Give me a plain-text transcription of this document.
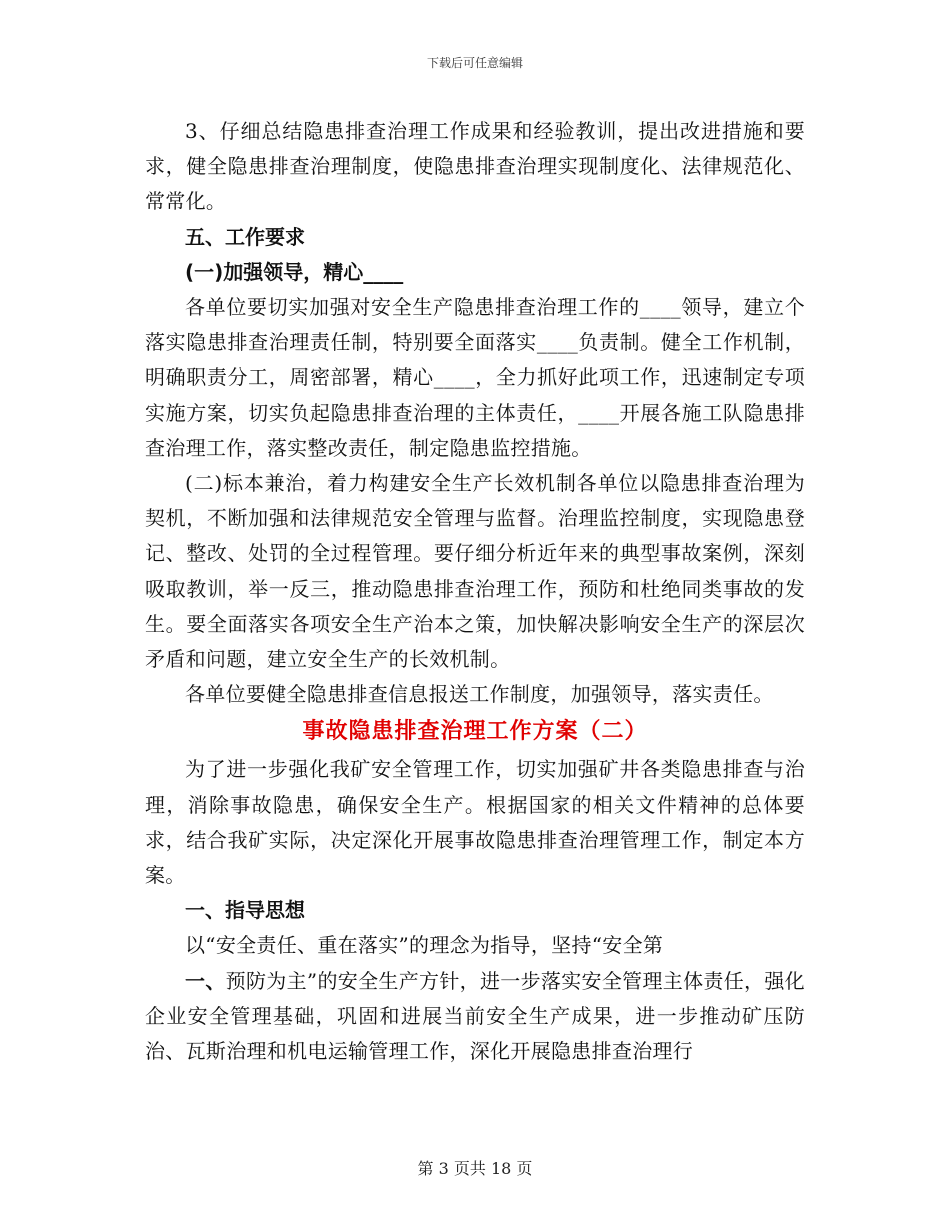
下载后可任意编辑

3、仔细总结隐患排查治理工作成果和经验教训，提出改进措施和要求，健全隐患排查治理制度，使隐患排查治理实现制度化、法律规范化、常常化。

五、工作要求

(一)加强领导，精心____

各单位要切实加强对安全生产隐患排查治理工作的____领导，建立个落实隐患排查治理责任制，特别要全面落实____负责制。健全工作机制，明确职责分工，周密部署，精心____，全力抓好此项工作，迅速制定专项实施方案，切实负起隐患排查治理的主体责任，____开展各施工队隐患排查治理工作，落实整改责任，制定隐患监控措施。

(二)标本兼治，着力构建安全生产长效机制各单位以隐患排查治理为契机，不断加强和法律规范安全管理与监督。治理监控制度，实现隐患登记、整改、处罚的全过程管理。要仔细分析近年来的典型事故案例，深刻吸取教训，举一反三，推动隐患排查治理工作，预防和杜绝同类事故的发生。要全面落实各项安全生产治本之策，加快解决影响安全生产的深层次矛盾和问题，建立安全生产的长效机制。

各单位要健全隐患排查信息报送工作制度，加强领导，落实责任。

事故隐患排查治理工作方案（二）

为了进一步强化我矿安全管理工作，切实加强矿井各类隐患排查与治理，消除事故隐患，确保安全生产。根据国家的相关文件精神的总体要求，结合我矿实际，决定深化开展事故隐患排查治理管理工作，制定本方案。

一、指导思想

以“安全责任、重在落实”的理念为指导，坚持“安全第

一、预防为主”的安全生产方针，进一步落实安全管理主体责任，强化企业安全管理基础，巩固和进展当前安全生产成果，进一步推动矿压防治、瓦斯治理和机电运输管理工作，深化开展隐患排查治理行

第 3 页共 18 页
